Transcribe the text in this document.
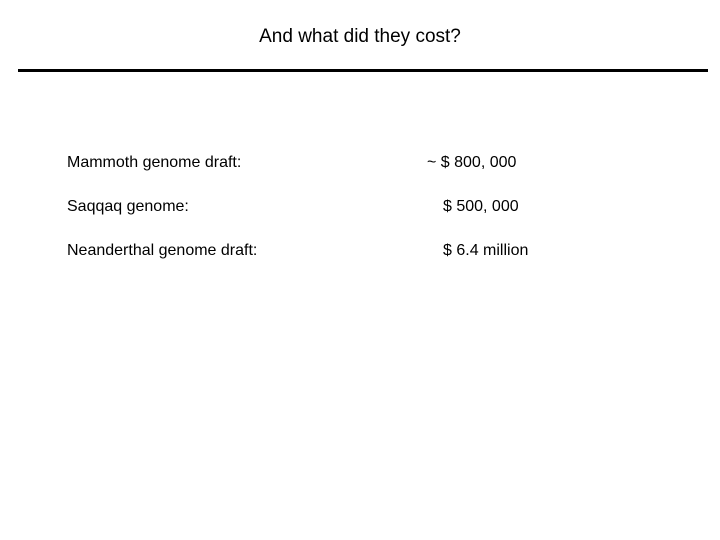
And what did they cost?
Mammoth genome draft:	~ $ 800, 000
Saqqaq genome:	$ 500, 000
Neanderthal genome draft:	$ 6.4 million
